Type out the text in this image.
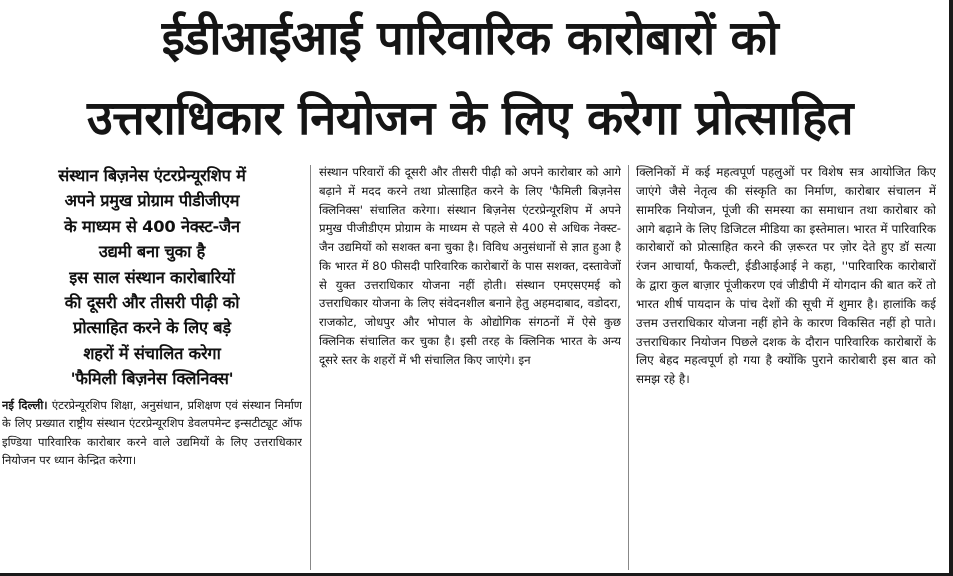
ईडीआईआई पारिवारिक कारोबारों को
उत्तराधिकार नियोजन के लिए करेगा प्रोत्साहित

संस्थान बिज़नेस एंटरप्रेन्यूरशिप में
अपने प्रमुख प्रोग्राम पीडीजीएम
के माध्यम से 400 नेक्स्ट-जैन
उद्यमी बना चुका है
इस साल संस्थान कारोबारियों
की दूसरी और तीसरी पीढ़ी को
प्रोत्साहित करने के लिए बड़े
शहरों में संचालित करेगा
'फैमिली बिज़नेस क्लिनिक्स'

नई दिल्ली। एंटरप्रेन्यूरशिप शिक्षा, अनुसंधान, प्रशिक्षण एवं संस्थान निर्माण के लिए प्रख्यात राष्ट्रीय संस्थान एंटरप्रेन्यूरशिप डेवलपमेन्ट इन्सटीट्यूट ऑफ इण्डिया पारिवारिक कारोबार करने वाले उद्यमियों के लिए उत्तराधिकार नियोजन पर ध्यान केन्द्रित करेगा।

संस्थान परिवारों की दूसरी और तीसरी पीढ़ी को अपने कारोबार को आगे बढ़ाने में मदद करने तथा प्रोत्साहित करने के लिए 'फैमिली बिज़नेस क्लिनिक्स' संचालित करेगा। संस्थान बिज़नेस एंटरप्रेन्यूरशिप में अपने प्रमुख पीजीडीएम प्रोग्राम के माध्यम से पहले से 400 से अधिक नेक्स्ट-जैन उद्यमियों को सशक्त बना चुका है। विविध अनुसंधानों से ज्ञात हुआ है कि भारत में 80 फीसदी पारिवारिक कारोबारों के पास सशक्त, दस्तावेजों से युक्त उत्तराधिकार योजना नहीं होती। संस्थान एमएसएमई को उत्तराधिकार योजना के लिए संवेदनशील बनाने हेतु अहमदाबाद, वडोदरा, राजकोट, जोधपुर और भोपाल के ओद्योगिक संगठनों में ऐसे कुछ क्लिनिक संचालित कर चुका है। इसी तरह के क्लिनिक भारत के अन्य दूसरे स्तर के शहरों में भी संचालित किए जाएंगे। इन

क्लिनिकों में कई महत्वपूर्ण पहलुओं पर विशेष सत्र आयोजित किए जाएंगे जैसे नेतृत्व की संस्कृति का निर्माण, कारोबार संचालन में सामरिक नियोजन, पूंजी की समस्या का समाधान तथा कारोबार को आगे बढ़ाने के लिए डिजिटल मीडिया का इस्तेमाल। भारत में पारिवारिक कारोबारों को प्रोत्साहित करने की ज़रूरत पर ज़ोर देते हुए डॉ सत्या रंजन आचार्या, फैकल्टी, ईडीआईआई ने कहा, ''पारिवारिक कारोबारों के द्वारा कुल बाज़ार पूंजीकरण एवं जीडीपी में योगदान की बात करें तो भारत शीर्ष पायदान के पांच देशों की सूची में शुमार है। हालांकि कई उत्तम उत्तराधिकार योजना नहीं होने के कारण विकसित नहीं हो पाते। उत्तराधिकार नियोजन पिछले दशक के दौरान पारिवारिक कारोबारों के लिए बेहद महत्वपूर्ण हो गया है क्योंकि पुराने कारोबारी इस बात को समझ रहे है।
